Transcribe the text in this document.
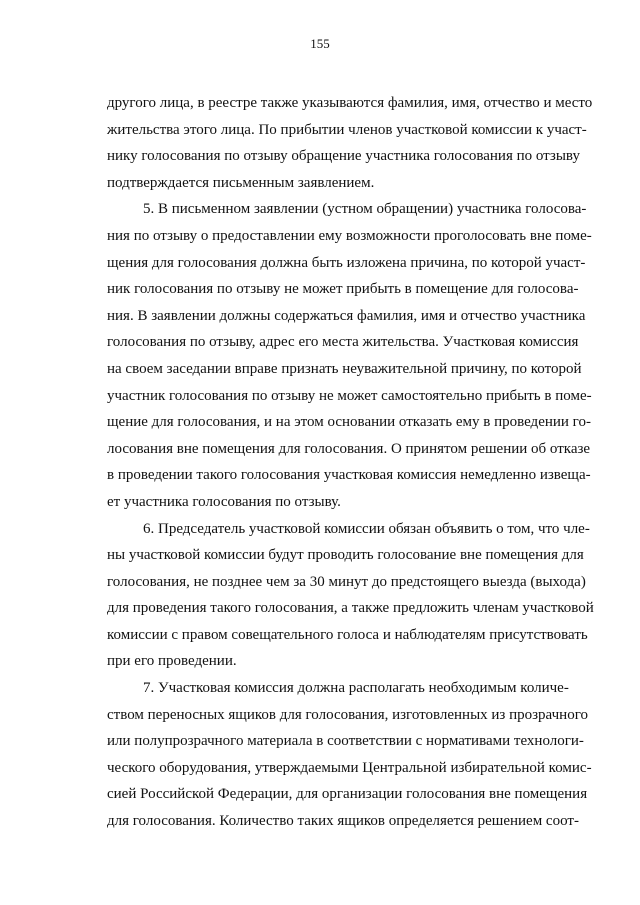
155
другого лица, в реестре также указываются фамилия, имя, отчество и место
жительства этого лица. По прибытии членов участковой комиссии к участ-
нику голосования по отзыву обращение участника голосования по отзыву
подтверждается письменным заявлением.
5. В письменном заявлении (устном обращении) участника голосова-
ния по отзыву о предоставлении ему возможности проголосовать вне поме-
щения для голосования должна быть изложена причина, по которой участ-
ник голосования по отзыву не может прибыть в помещение для голосова-
ния. В заявлении должны содержаться фамилия, имя и отчество участника
голосования по отзыву, адрес его места жительства. Участковая комиссия
на своем заседании вправе признать неуважительной причину, по которой
участник голосования по отзыву не может самостоятельно прибыть в поме-
щение для голосования, и на этом основании отказать ему в проведении го-
лосования вне помещения для голосования. О принятом решении об отказе
в проведении такого голосования участковая комиссия немедленно извеща-
ет участника голосования по отзыву.
6. Председатель участковой комиссии обязан объявить о том, что чле-
ны участковой комиссии будут проводить голосование вне помещения для
голосования, не позднее чем за 30 минут до предстоящего выезда (выхода)
для проведения такого голосования, а также предложить членам участковой
комиссии с правом совещательного голоса и наблюдателям присутствовать
при его проведении.
7. Участковая комиссия должна располагать необходимым количе-
ством переносных ящиков для голосования, изготовленных из прозрачного
или полупрозрачного материала в соответствии с нормативами технологи-
ческого оборудования, утверждаемыми Центральной избирательной комис-
сией Российской Федерации, для организации голосования вне помещения
для голосования. Количество таких ящиков определяется решением соот-
